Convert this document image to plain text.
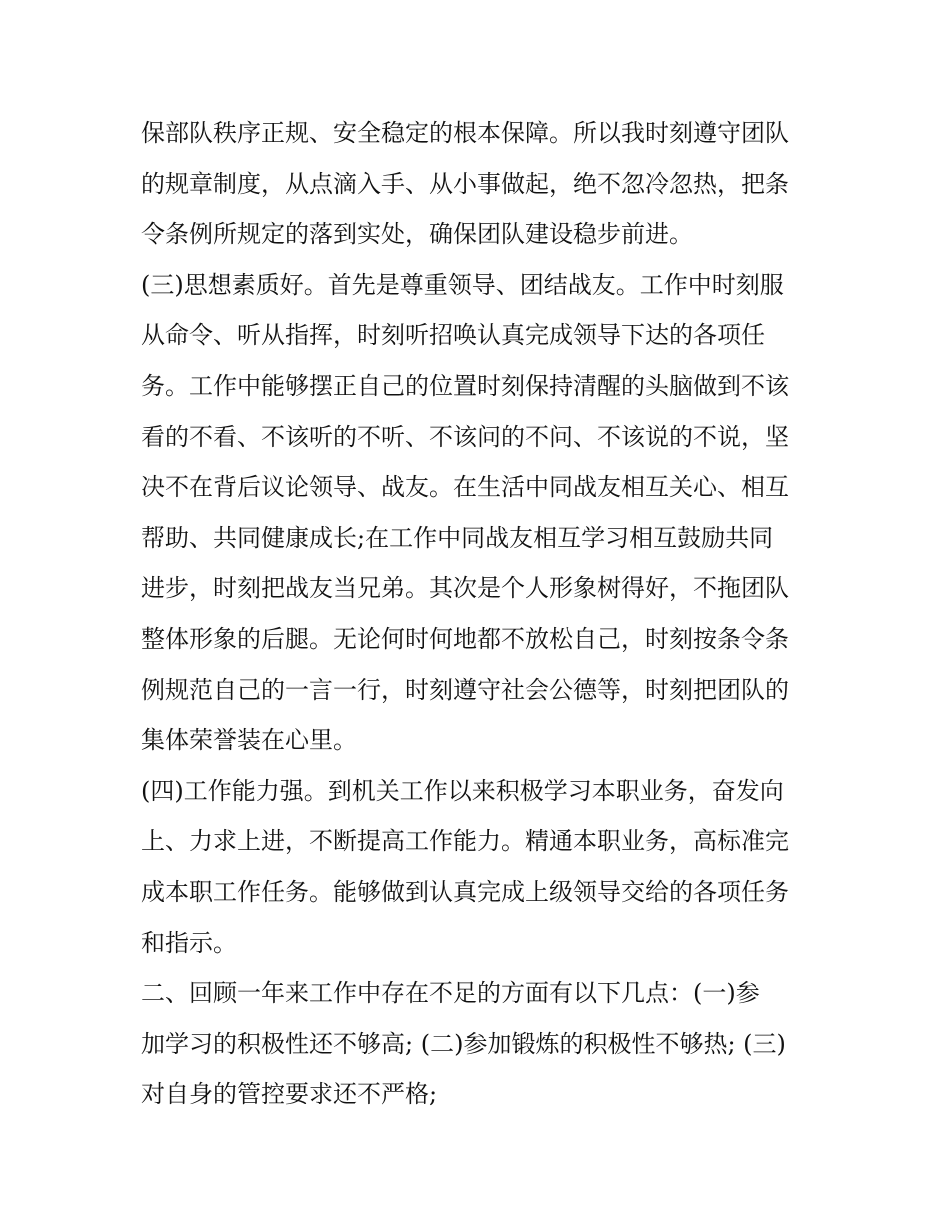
保部队秩序正规、安全稳定的根本保障。所以我时刻遵守团队
的规章制度，从点滴入手、从小事做起，绝不忽冷忽热，把条
令条例所规定的落到实处，确保团队建设稳步前进。
(三)思想素质好。首先是尊重领导、团结战友。工作中时刻服
从命令、听从指挥，时刻听招唤认真完成领导下达的各项任
务。工作中能够摆正自己的位置时刻保持清醒的头脑做到不该
看的不看、不该听的不听、不该问的不问、不该说的不说，坚
决不在背后议论领导、战友。在生活中同战友相互关心、相互
帮助、共同健康成长;在工作中同战友相互学习相互鼓励共同
进步，时刻把战友当兄弟。其次是个人形象树得好，不拖团队
整体形象的后腿。无论何时何地都不放松自己，时刻按条令条
例规范自己的一言一行，时刻遵守社会公德等，时刻把团队的
集体荣誉装在心里。
(四)工作能力强。到机关工作以来积极学习本职业务，奋发向
上、力求上进，不断提高工作能力。精通本职业务，高标准完
成本职工作任务。能够做到认真完成上级领导交给的各项任务
和指示。
二、回顾一年来工作中存在不足的方面有以下几点：(一)参
加学习的积极性还不够高; (二)参加锻炼的积极性不够热; (三)
对自身的管控要求还不严格;
